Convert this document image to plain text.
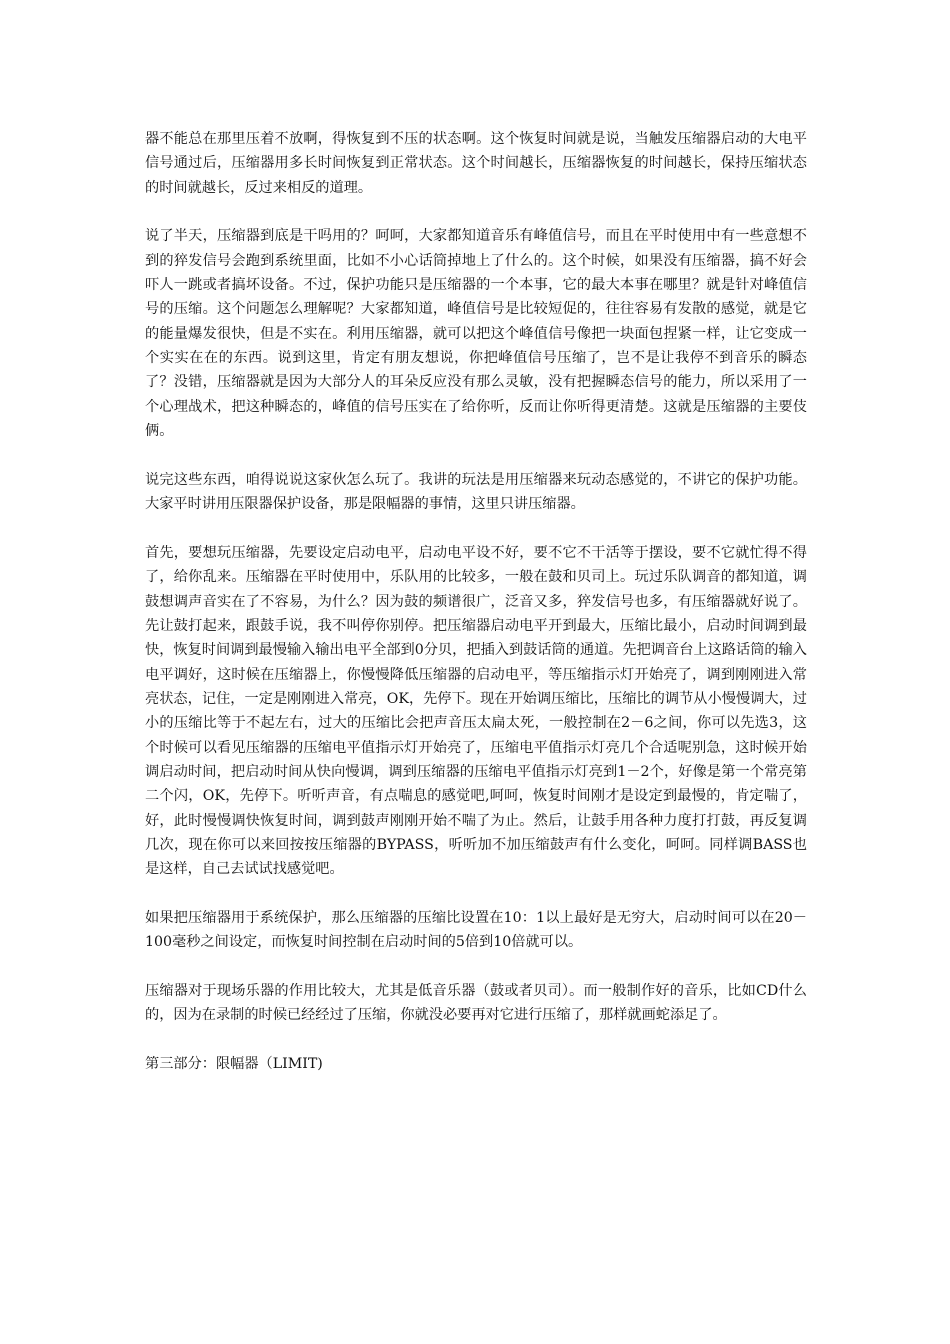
器不能总在那里压着不放啊，得恢复到不压的状态啊。这个恢复时间就是说，当触发压缩器启动的大电平信号通过后，压缩器用多长时间恢复到正常状态。这个时间越长，压缩器恢复的时间越长，保持压缩状态的时间就越长，反过来相反的道理。

说了半天，压缩器到底是干吗用的？呵呵，大家都知道音乐有峰值信号，而且在平时使用中有一些意想不到的猝发信号会跑到系统里面，比如不小心话筒掉地上了什么的。这个时候，如果没有压缩器，搞不好会吓人一跳或者搞坏设备。不过，保护功能只是压缩器的一个本事，它的最大本事在哪里？就是针对峰值信号的压缩。这个问题怎么理解呢？大家都知道，峰值信号是比较短促的，往往容易有发散的感觉，就是它的能量爆发很快，但是不实在。利用压缩器，就可以把这个峰值信号像把一块面包捏紧一样，让它变成一个实实在在的东西。说到这里，肯定有朋友想说，你把峰值信号压缩了，岂不是让我停不到音乐的瞬态了？没错，压缩器就是因为大部分人的耳朵反应没有那么灵敏，没有把握瞬态信号的能力，所以采用了一个心理战术，把这种瞬态的，峰值的信号压实在了给你听，反而让你听得更清楚。这就是压缩器的主要伎俩。

说完这些东西，咱得说说这家伙怎么玩了。我讲的玩法是用压缩器来玩动态感觉的，不讲它的保护功能。大家平时讲用压限器保护设备，那是限幅器的事情，这里只讲压缩器。

首先，要想玩压缩器，先要设定启动电平，启动电平设不好，要不它不干活等于摆设，要不它就忙得不得了，给你乱来。压缩器在平时使用中，乐队用的比较多，一般在鼓和贝司上。玩过乐队调音的都知道，调鼓想调声音实在了不容易，为什么？因为鼓的频谱很广，泛音又多，猝发信号也多，有压缩器就好说了。先让鼓打起来，跟鼓手说，我不叫停你别停。把压缩器启动电平开到最大，压缩比最小，启动时间调到最快，恢复时间调到最慢输入输出电平全部到0分贝，把插入到鼓话筒的通道。先把调音台上这路话筒的输入电平调好，这时候在压缩器上，你慢慢降低压缩器的启动电平，等压缩指示灯开始亮了，调到刚刚进入常亮状态，记住，一定是刚刚进入常亮，OK，先停下。现在开始调压缩比，压缩比的调节从小慢慢调大，过小的压缩比等于不起左右，过大的压缩比会把声音压太扁太死，一般控制在2－6之间，你可以先选3，这个时候可以看见压缩器的压缩电平值指示灯开始亮了，压缩电平值指示灯亮几个合适呢别急，这时候开始调启动时间，把启动时间从快向慢调，调到压缩器的压缩电平值指示灯亮到1－2个，好像是第一个常亮第二个闪，OK，先停下。听听声音，有点喘息的感觉吧,呵呵，恢复时间刚才是设定到最慢的，肯定喘了，好，此时慢慢调快恢复时间，调到鼓声刚刚开始不喘了为止。然后，让鼓手用各种力度打打鼓，再反复调几次，现在你可以来回按按压缩器的BYPASS，听听加不加压缩鼓声有什么变化，呵呵。同样调BASS也是这样，自己去试试找感觉吧。

如果把压缩器用于系统保护，那么压缩器的压缩比设置在10：1以上最好是无穷大，启动时间可以在20－100毫秒之间设定，而恢复时间控制在启动时间的5倍到10倍就可以。

压缩器对于现场乐器的作用比较大，尤其是低音乐器（鼓或者贝司）。而一般制作好的音乐，比如CD什么的，因为在录制的时候已经经过了压缩，你就没必要再对它进行压缩了，那样就画蛇添足了。

第三部分：限幅器（LIMIT)
